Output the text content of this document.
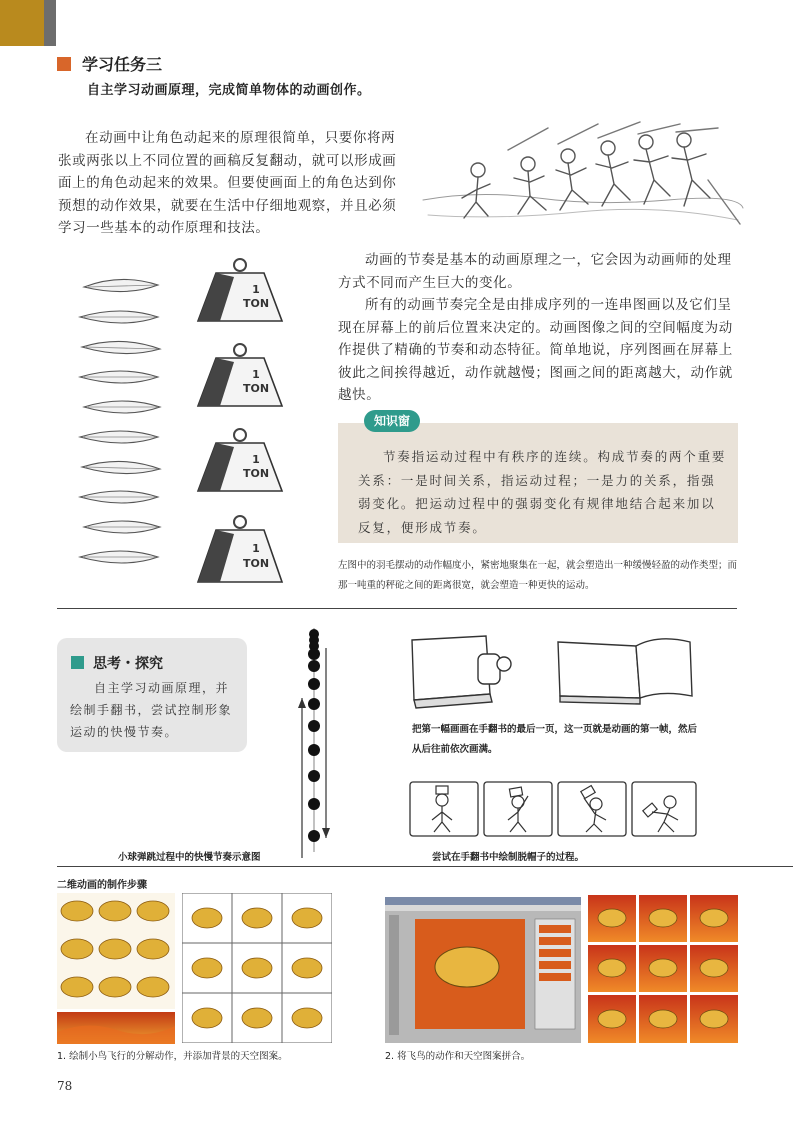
学习任务三
自主学习动画原理，完成简单物体的动画创作。

在动画中让角色动起来的原理很简单，只要你将两张或两张以上不同位置的画稿反复翻动，就可以形成画面上的角色动起来的效果。但要使画面上的角色达到你预想的动作效果，就要在生活中仔细地观察，并且必须学习一些基本的动作原理和技法。

1
TON
1
TON
1
TON
1
TON

动画的节奏是基本的动画原理之一，它会因为动画师的处理方式不同而产生巨大的变化。

所有的动画节奏完全是由排成序列的一连串图画以及它们呈现在屏幕上的前后位置来决定的。动画图像之间的空间幅度为动作提供了精确的节奏和动态特征。简单地说，序列图画在屏幕上彼此之间挨得越近，动作就越慢；图画之间的距离越大，动作就越快。

知识窗

节奏指运动过程中有秩序的连续。构成节奏的两个重要关系：一是时间关系，指运动过程；一是力的关系，指强弱变化。把运动过程中的强弱变化有规律地结合起来加以反复，便形成节奏。

左图中的羽毛摆动的动作幅度小，紧密地聚集在一起，就会塑造出一种缓慢轻盈的动作类型；而那一吨重的秤砣之间的距离很宽，就会塑造一种更快的运动。

思考・探究

自主学习动画原理，并绘制手翻书，尝试控制形象运动的快慢节奏。

小球弹跳过程中的快慢节奏示意图

把第一幅画画在手翻书的最后一页，这一页就是动画的第一帧，然后从后往前依次画满。

尝试在手翻书中绘制脱帽子的过程。

二维动画的制作步骤

1. 绘制小鸟飞行的分解动作，并添加背景的天空图案。	2. 将飞鸟的动作和天空图案拼合。

78
